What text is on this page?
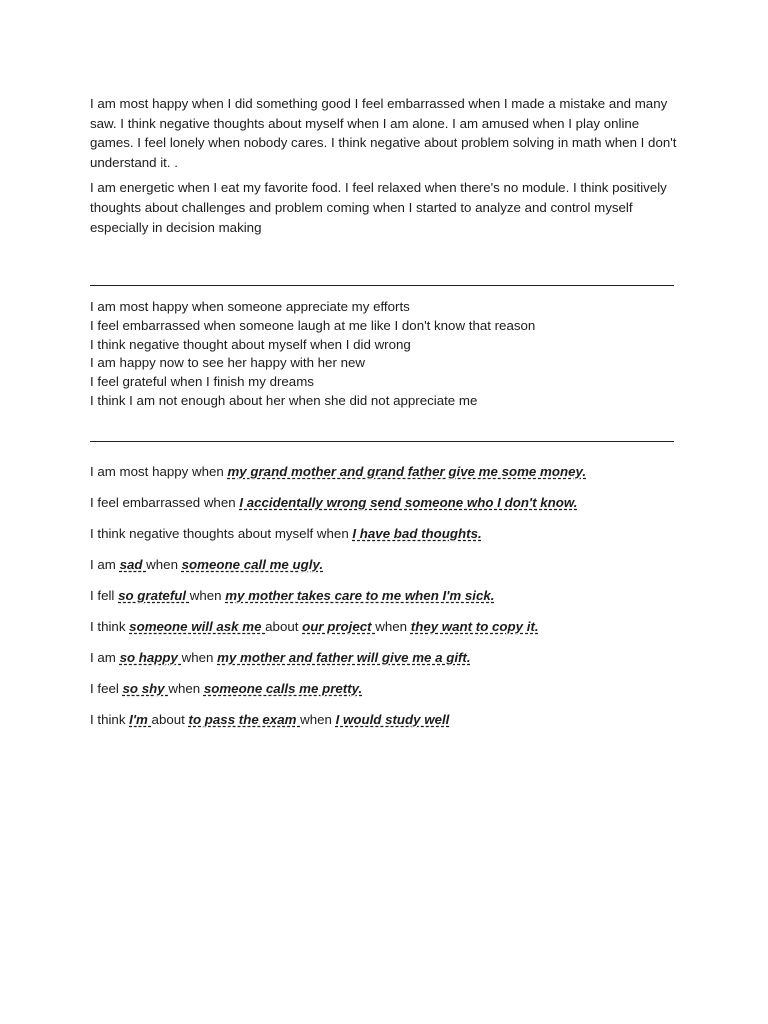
I am most happy when I did something good I feel embarrassed when I made a mistake and many saw. I think negative thoughts about myself when I am alone. I am amused when I play online games. I feel lonely when nobody cares. I think negative about problem solving in math when I don't understand it. .

I am energetic when I eat my favorite food. I feel relaxed when there's no module. I think positively thoughts about challenges and problem coming when I started to analyze and control myself especially in decision making

I am most happy when someone appreciate my efforts
I feel embarrassed when someone laugh at me like I don't know that reason
I think negative thought about myself when I did wrong
I am happy now to see her happy with her new
I feel grateful when I finish my dreams
I think I am not enough about her when she did not appreciate me
I am most happy when my grand mother and grand father give me some money.
I feel embarrassed when I accidentally wrong send someone who I don't know.
I think negative thoughts about myself when I have bad thoughts.
I am sad when someone call me ugly.
I fell so grateful when my mother takes care to me when I'm sick.
I think someone will ask me about our project when they want to copy it.
I am so happy when my mother and father will give me a gift.
I feel so shy when someone calls me pretty.
I think I'm about to pass the exam when I would study well
